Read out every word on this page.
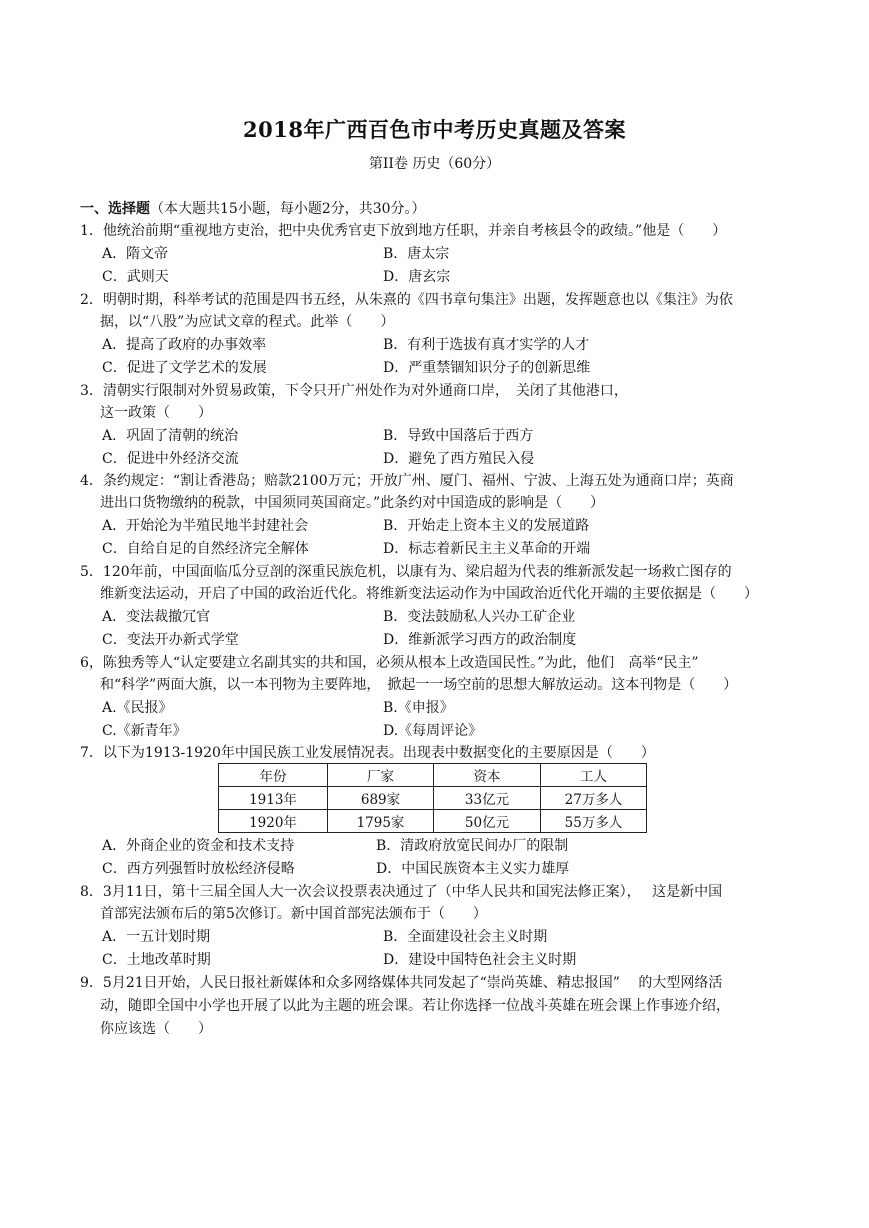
2018年广西百色市中考历史真题及答案
第II卷 历史（60分）
一、选择题（本大题共15小题，每小题2分，共30分。）
1．他统治前期“重视地方吏治，把中央优秀官吏下放到地方任职，并亲自考核县令的政绩。”他是（　　）
A．隋文帝	B．唐太宗
C．武则天	D．唐玄宗
2．明朝时期，科举考试的范围是四书五经，从朱熹的《四书章句集注》出题，发挥题意也以《集注》为依
据，以“八股”为应试文章的程式。此举（　　）
A．提高了政府的办事效率	B．有利于选拔有真才实学的人才
C．促进了文学艺术的发展	D．严重禁锢知识分子的创新思维
3．清朝实行限制对外贸易政策，下令只开广州处作为对外通商口岸，　关闭了其他港口，
这一政策（　　）
A．巩固了清朝的统治	B．导致中国落后于西方
C．促进中外经济交流	D．避免了西方殖民入侵
4．条约规定：“割让香港岛；赔款2100万元；开放广州、厦门、福州、宁波、上海五处为通商口岸；英商
进出口货物缴纳的税款，中国须同英国商定。”此条约对中国造成的影响是（　　）
A．开始沦为半殖民地半封建社会	B．开始走上资本主义的发展道路
C．自给自足的自然经济完全解体	D．标志着新民主主义革命的开端
5．120年前，中国面临瓜分豆剖的深重民族危机，以康有为、梁启超为代表的维新派发起一场救亡图存的
维新变法运动，开启了中国的政治近代化。将维新变法运动作为中国政治近代化开端的主要依据是（　　）
A．变法裁撤冗官	B．变法鼓励私人兴办工矿企业
C．变法开办新式学堂	D．维新派学习西方的政治制度
6，陈独秀等人“认定要建立名副其实的共和国，必须从根本上改造国民性。”为此，他们　高举“民主”
和“科学”两面大旗，以一本刊物为主要阵地，　掀起一一场空前的思想大解放运动。这本刊物是（　　）
A.《民报》	B.《申报》
C.《新青年》	D.《每周评论》
7．以下为1913-1920年中国民族工业发展情况表。出现表中数据变化的主要原因是（　　）
年份	厂家	资本	工人
1913年	689家	33亿元	27万多人
1920年	1795家	50亿元	55万多人
A．外商企业的资金和技术支持	B．清政府放宽民间办厂的限制
C．西方列强暂时放松经济侵略	D．中国民族资本主义实力雄厚
8．3月11日，第十三届全国人大一次会议投票表决通过了（中华人民共和国宪法修正案），　 这是新中国
首部宪法颁布后的第5次修订。新中国首部宪法颁布于（　　）
A．一五计划时期	B．全面建设社会主义时期
C．土地改革时期	D．建设中国特色社会主义时期
9．5月21日开始，人民日报社新媒体和众多网络媒体共同发起了“崇尚英雄、精忠报国”　 的大型网络活
动，随即全国中小学也开展了以此为主题的班会课。若让你选择一位战斗英雄在班会课上作事迹介绍，
你应该选（　　）
